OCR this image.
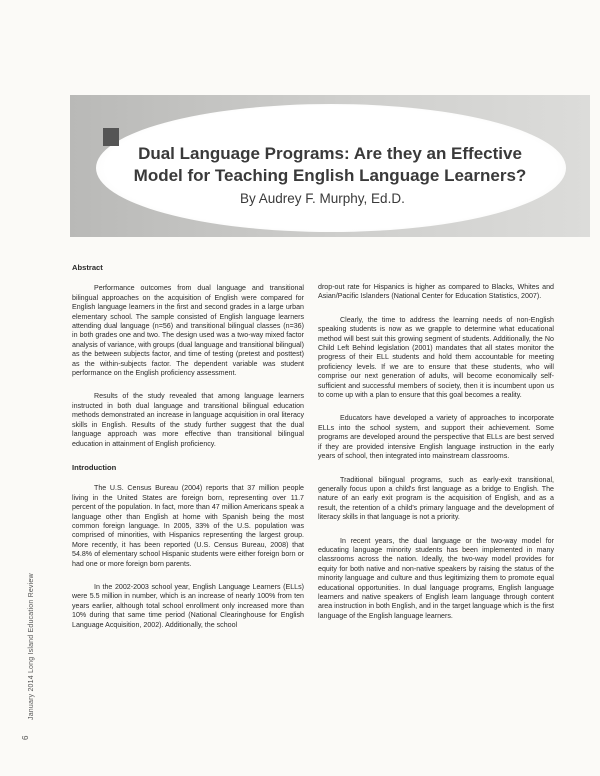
Dual Language Programs: Are they an Effective
Model for Teaching English Language Learners?
By Audrey F. Murphy, Ed.D.
January 2014 Long Island Education Review
6
Abstract

Performance outcomes from dual language and transitional bilingual approaches on the acquisition of English were compared for English language learners in the first and second grades in a large urban elementary school. The sample consisted of English language learners attending dual language (n=56) and transitional bilingual classes (n=36) in both grades one and two. The design used was a two-way mixed factor analysis of variance, with groups (dual language and transitional bilingual) as the between subjects factor, and time of testing (pretest and posttest) as the within-subjects factor. The dependent variable was student performance on the English proficiency assessment.

Results of the study revealed that among language learners instructed in both dual language and transitional bilingual education methods demonstrated an increase in language acquisition in oral literacy skills in English. Results of the study further suggest that the dual language approach was more effective than transitional bilingual education in attainment of English proficiency.

Introduction

The U.S. Census Bureau (2004) reports that 37 million people living in the United States are foreign born, representing over 11.7 percent of the population. In fact, more than 47 million Americans speak a language other than English at home with Spanish being the most common foreign language. In 2005, 33% of the U.S. population was comprised of minorities, with Hispanics representing the largest group. More recently, it has been reported (U.S. Census Bureau, 2008) that 54.8% of elementary school Hispanic students were either foreign born or had one or more foreign born parents.

In the 2002-2003 school year, English Language Learners (ELLs) were 5.5 million in number, which is an increase of nearly 100% from ten years earlier, although total school enrollment only increased more than 10% during that same time period (National Clearinghouse for English Language Acquisition, 2002). Additionally, the school

drop-out rate for Hispanics is higher as compared to Blacks, Whites and Asian/Pacific Islanders (National Center for Education Statistics, 2007).

Clearly, the time to address the learning needs of non-English speaking students is now as we grapple to determine what educational method will best suit this growing segment of students. Additionally, the No Child Left Behind legislation (2001) mandates that all states monitor the progress of their ELL students and hold them accountable for meeting proficiency levels. If we are to ensure that these students, who will comprise our next generation of adults, will become economically self-sufficient and successful members of society, then it is incumbent upon us to come up with a plan to ensure that this goal becomes a reality.

Educators have developed a variety of approaches to incorporate ELLs into the school system, and support their achievement. Some programs are developed around the perspective that ELLs are best served if they are provided intensive English language instruction in the early years of school, then integrated into mainstream classrooms.

Traditional bilingual programs, such as early-exit transitional, generally focus upon a child's first language as a bridge to English. The nature of an early exit program is the acquisition of English, and as a result, the retention of a child's primary language and the development of literacy skills in that language is not a priority.

In recent years, the dual language or the two-way model for educating language minority students has been implemented in many classrooms across the nation. Ideally, the two-way model provides for equity for both native and non-native speakers by raising the status of the minority language and culture and thus legitimizing them to promote equal educational opportunities. In dual language programs, English language learners and native speakers of English learn language through content area instruction in both English, and in the target language which is the first language of the English language learners.
